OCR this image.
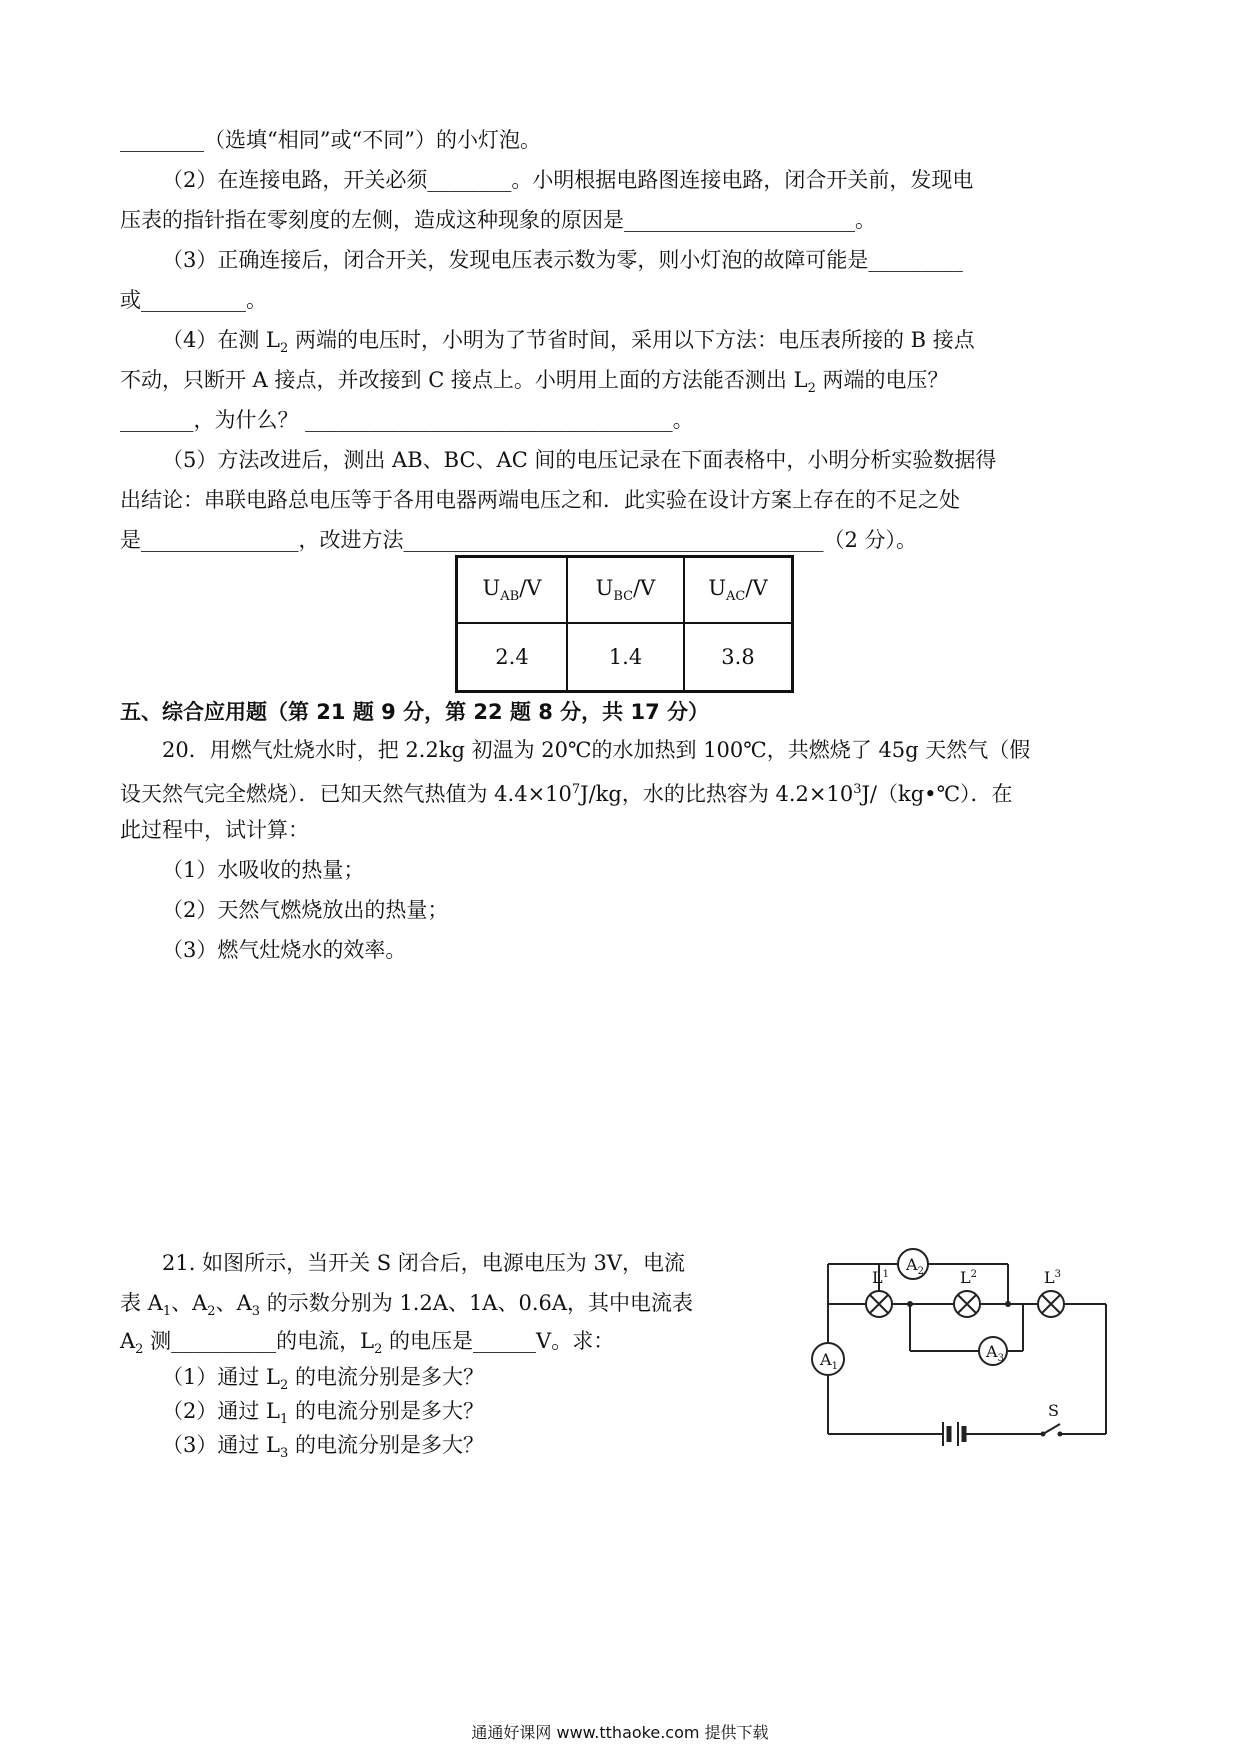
________（选填“相同”或“不同”）的小灯泡。
（2）在连接电路，开关必须________。小明根据电路图连接电路，闭合开关前，发现电
压表的指针指在零刻度的左侧，造成这种现象的原因是______________________。
（3）正确连接后，闭合开关，发现电压表示数为零，则小灯泡的故障可能是_________
或__________。
（4）在测 $L_2$ 两端的电压时，小明为了节省时间，采用以下方法：电压表所接的 B 接点
不动，只断开 A 接点，并改接到 C 接点上。小明用上面的方法能否测出 $L_2$ 两端的电压？
_______，为什么？ ___________________________________。
（5）方法改进后，测出 AB、BC、AC 间的电压记录在下面表格中，小明分析实验数据得
出结论：串联电路总电压等于各用电器两端电压之和．此实验在设计方案上存在的不足之处
是_______________，改进方法________________________________________（2 分）。
$U_{AB}/V$	$U_{BC}/V$	$U_{AC}/V$
2.4	1.4	3.8
五、综合应用题（第 21 题 9 分，第 22 题 8 分，共 17 分）
20．用燃气灶烧水时，把 2.2kg 初温为 20℃的水加热到 100℃，共燃烧了 45g 天然气（假
设天然气完全燃烧）．已知天然气热值为 $4.4\times 10^7J/kg$，水的比热容为 $4.2\times 10^3J/(kg•℃)$．在
此过程中，试计算：
（1）水吸收的热量；
（2）天然气燃烧放出的热量；
（3）燃气灶烧水的效率。
21. 如图所示，当开关 S 闭合后，电源电压为 3V，电流
表 $A_1$、$A_2$、$A_3$ 的示数分别为 1.2A、1A、0.6A，其中电流表
$A_2$ 测__________的电流，$L_2$ 的电压是______V。求：
（1）通过 $L_2$ 的电流分别是多大？
（2）通过 $L_1$ 的电流分别是多大？
（3）通过 $L_3$ 的电流分别是多大？
$A_2$
$A_3$
$A_1$
$L^1$	$L^2$	$L^3$
S
通通好课网 www.tthaoke.com 提供下载
